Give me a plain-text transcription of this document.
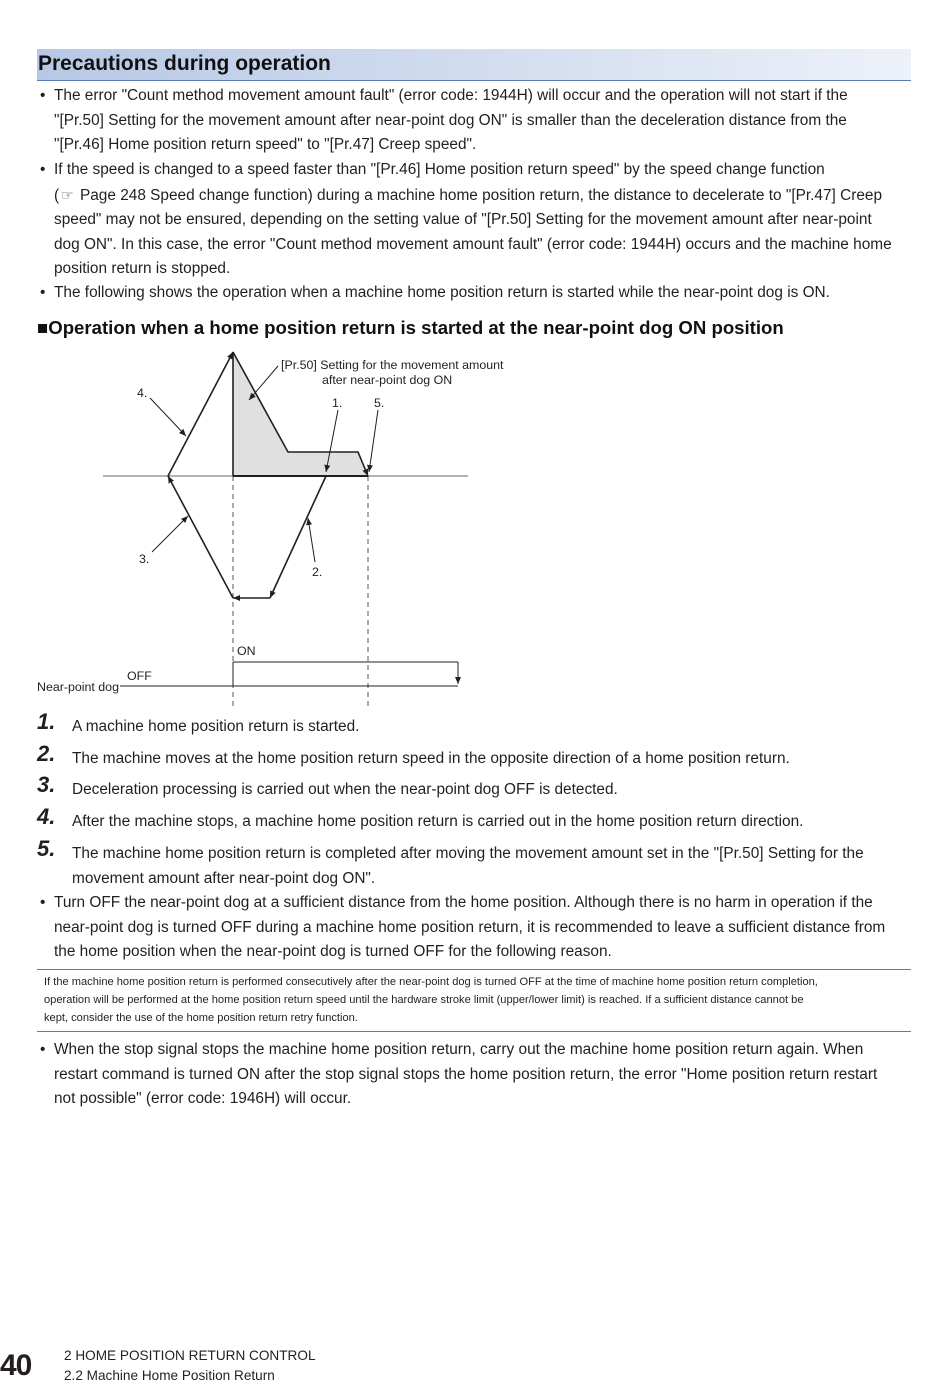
Precautions during operation
• The error "Count method movement amount fault" (error code: 1944H) will occur and the operation will not start if the
"[Pr.50] Setting for the movement amount after near-point dog ON" is smaller than the deceleration distance from the
"[Pr.46] Home position return speed" to "[Pr.47] Creep speed".
• If the speed is changed to a speed faster than "[Pr.46] Home position return speed" by the speed change function
( ☞ Page 248 Speed change function) during a machine home position return, the distance to decelerate to "[Pr.47] Creep
speed" may not be ensured, depending on the setting value of "[Pr.50] Setting for the movement amount after near-point
dog ON". In this case, the error "Count method movement amount fault" (error code: 1944H) occurs and the machine home
position return is stopped.
• The following shows the operation when a machine home position return is started while the near-point dog is ON.
■Operation when a home position return is started at the near-point dog ON position
[Pr.50] Setting for the movement amount
after near-point dog ON
4.
1.	5.
3.
2.
ON
OFF
Near-point dog
1. A machine home position return is started.
2. The machine moves at the home position return speed in the opposite direction of a home position return.
3. Deceleration processing is carried out when the near-point dog OFF is detected.
4. After the machine stops, a machine home position return is carried out in the home position return direction.
5. The machine home position return is completed after moving the movement amount set in the "[Pr.50] Setting for the
movement amount after near-point dog ON".
• Turn OFF the near-point dog at a sufficient distance from the home position. Although there is no harm in operation if the
near-point dog is turned OFF during a machine home position return, it is recommended to leave a sufficient distance from
the home position when the near-point dog is turned OFF for the following reason.

If the machine home position return is performed consecutively after the near-point dog is turned OFF at the time of machine home position return completion,

operation will be performed at the home position return speed until the hardware stroke limit (upper/lower limit) is reached. If a sufficient distance cannot be

kept, consider the use of the home position return retry function.

• When the stop signal stops the machine home position return, carry out the machine home position return again. When
restart command is turned ON after the stop signal stops the home position return, the error "Home position return restart
not possible" (error code: 1946H) will occur.
40 2 HOME POSITION RETURN CONTROL
2.2 Machine Home Position Return
